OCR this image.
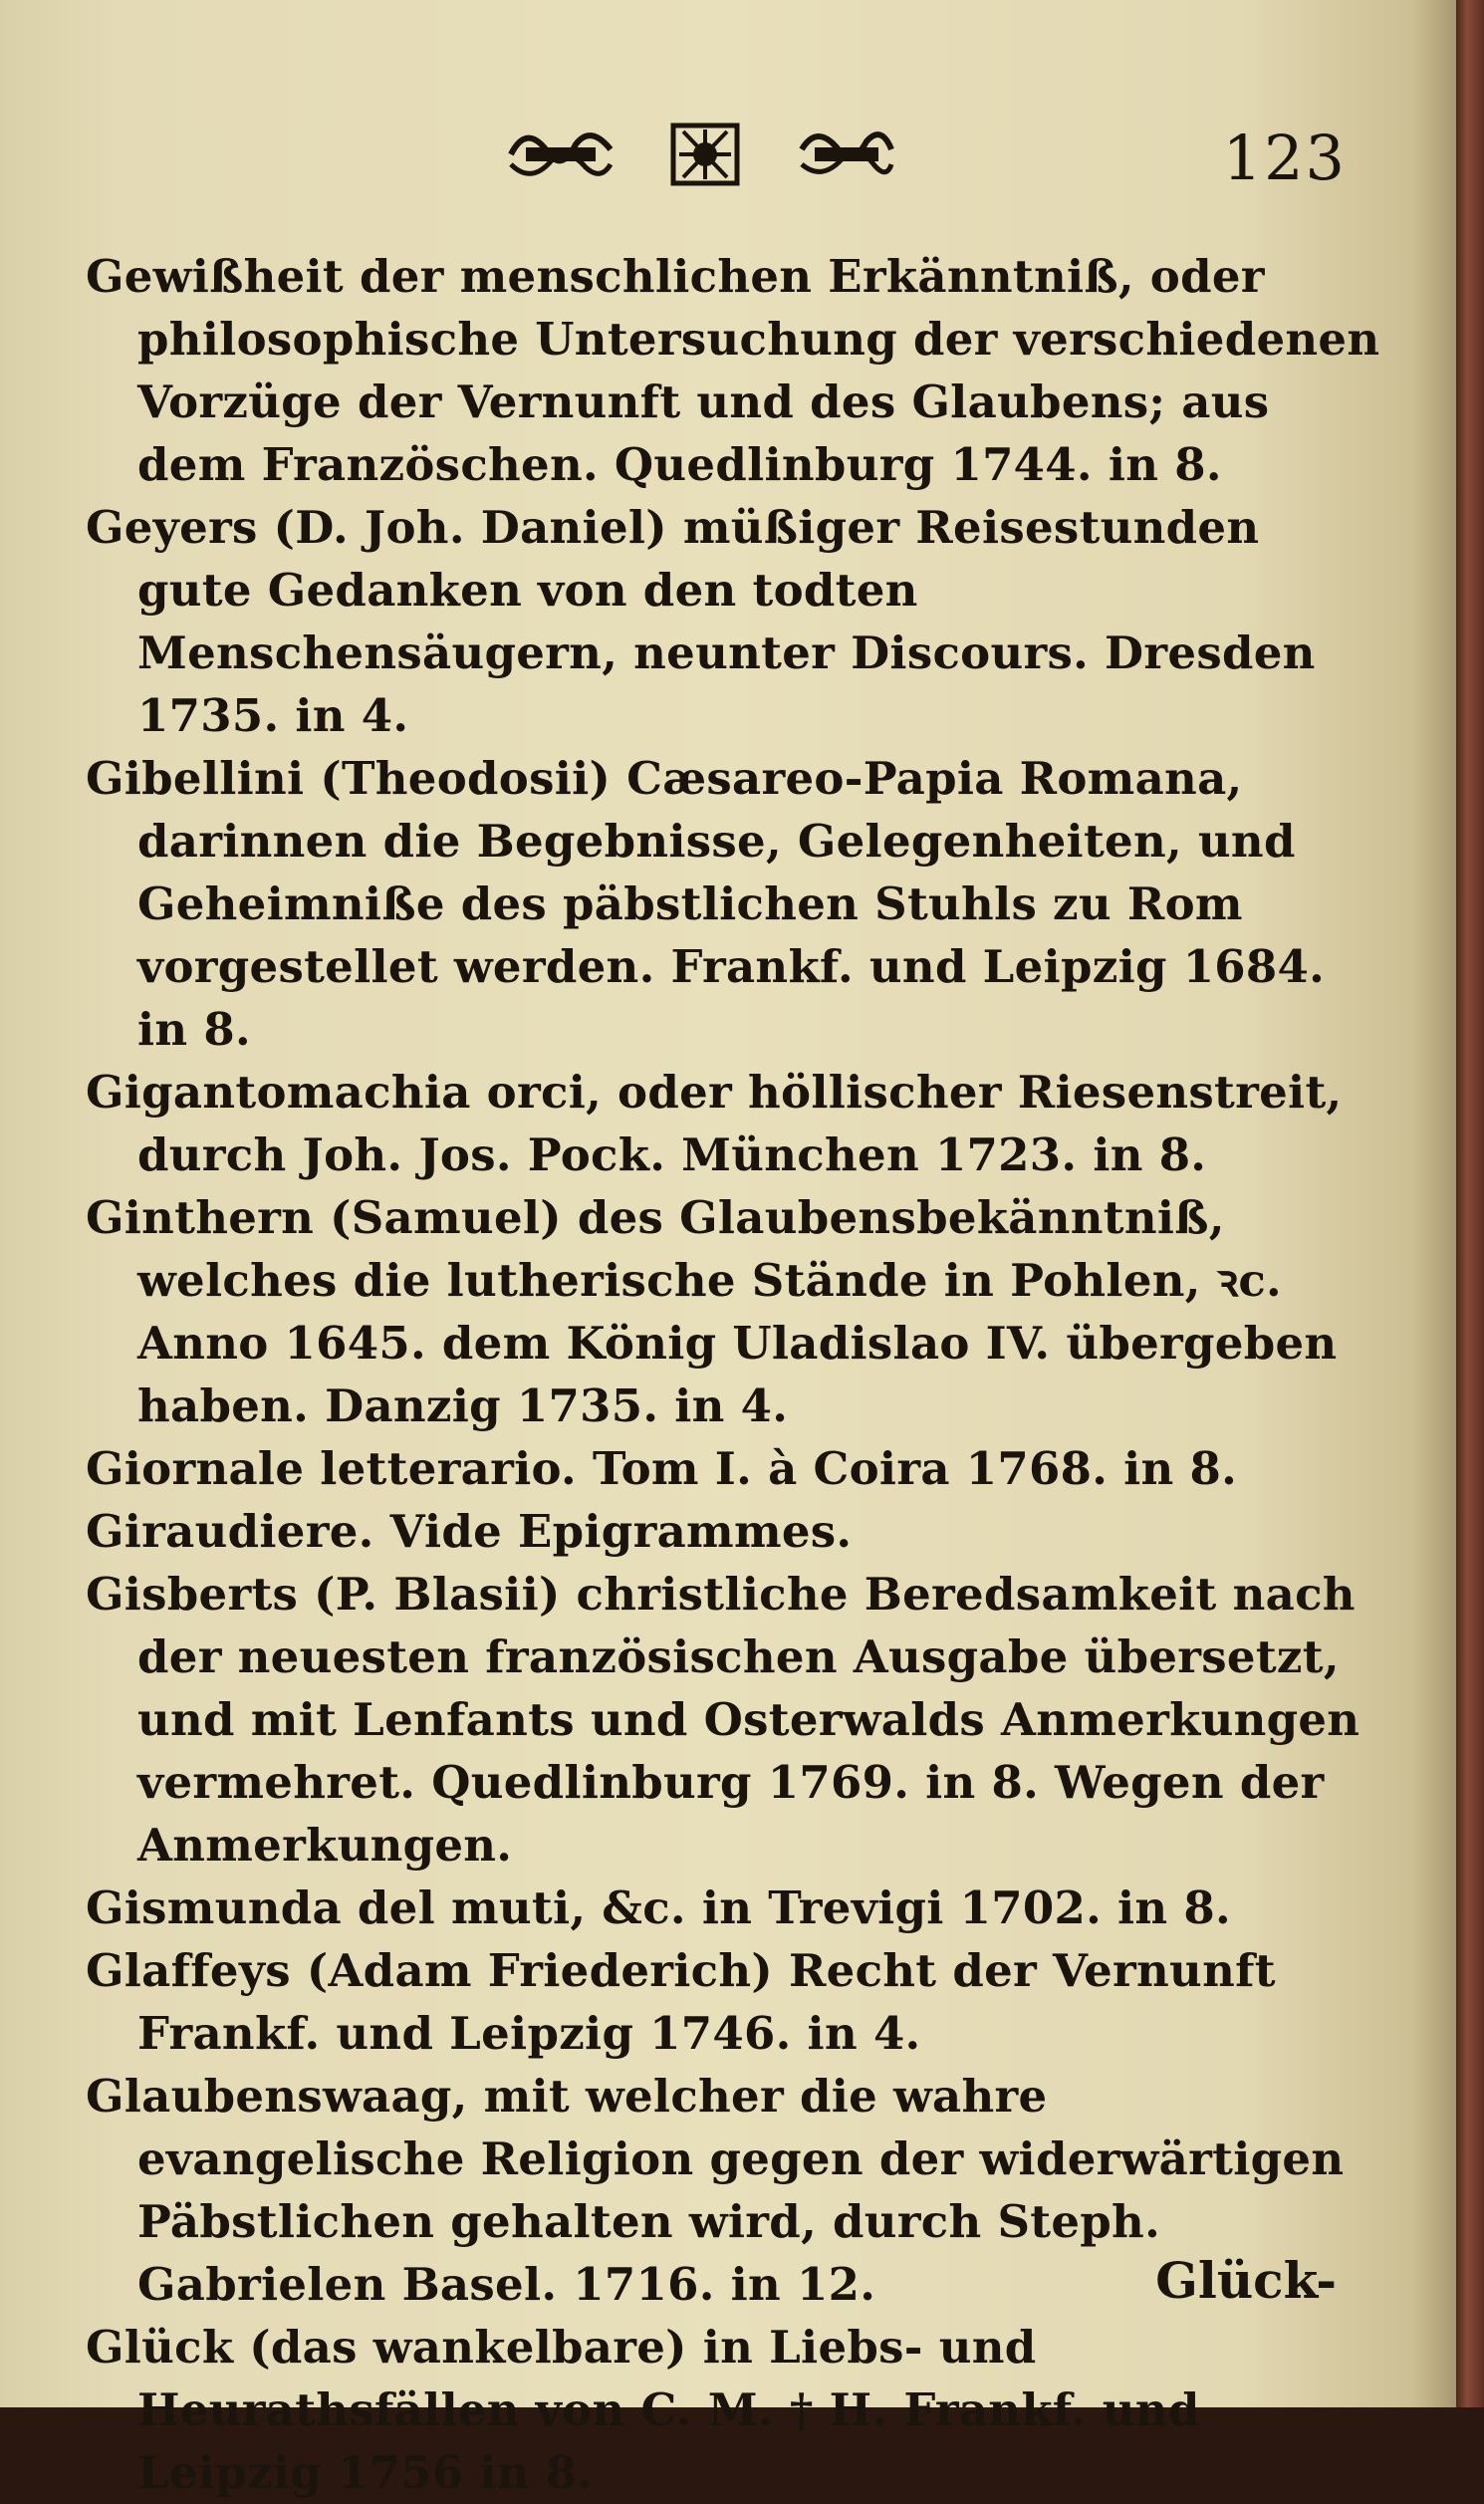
123

Gewißheit der menschlichen Erkänntniß, oder philosophische Untersuchung der verschiedenen Vorzüge der Vernunft und des Glaubens; aus dem Französchen. Quedlinburg 1744. in 8.

Geyers (D. Joh. Daniel) müßiger Reisestunden gute Gedanken von den todten Menschensäugern, neunter Discours. Dresden 1735. in 4.

Gibellini (Theodosii) Cæsareo-Papia Romana, darinnen die Begebnisse, Gelegenheiten, und Geheimniße des päbstlichen Stuhls zu Rom vorgestellet werden. Frankf. und Leipzig 1684. in 8.

Gigantomachia orci, oder höllischer Riesenstreit, durch Joh. Jos. Pock. München 1723. in 8.

Ginthern (Samuel) des Glaubensbekänntniß, welches die lutherische Stände in Pohlen, ꝛc. Anno 1645. dem König Uladislao IV. übergeben haben. Danzig 1735. in 4.

Giornale letterario. Tom I. à Coira 1768. in 8.

Giraudiere. Vide Epigrammes.

Gisberts (P. Blasii) christliche Beredsamkeit nach der neuesten französischen Ausgabe übersetzt, und mit Lenfants und Osterwalds Anmerkungen vermehret. Quedlinburg 1769. in 8. Wegen der Anmerkungen.

Gismunda del muti, &c. in Trevigi 1702. in 8.

Glaffeys (Adam Friederich) Recht der Vernunft Frankf. und Leipzig 1746. in 4.

Glaubenswaag, mit welcher die wahre evangelische Religion gegen der widerwärtigen Päbstlichen gehalten wird, durch Steph. Gabrielen Basel. 1716. in 12.

Glück (das wankelbare) in Liebs- und Heurathsfällen von C. M. † H. Frankf. und Leipzig 1756 in 8.

Glück-
